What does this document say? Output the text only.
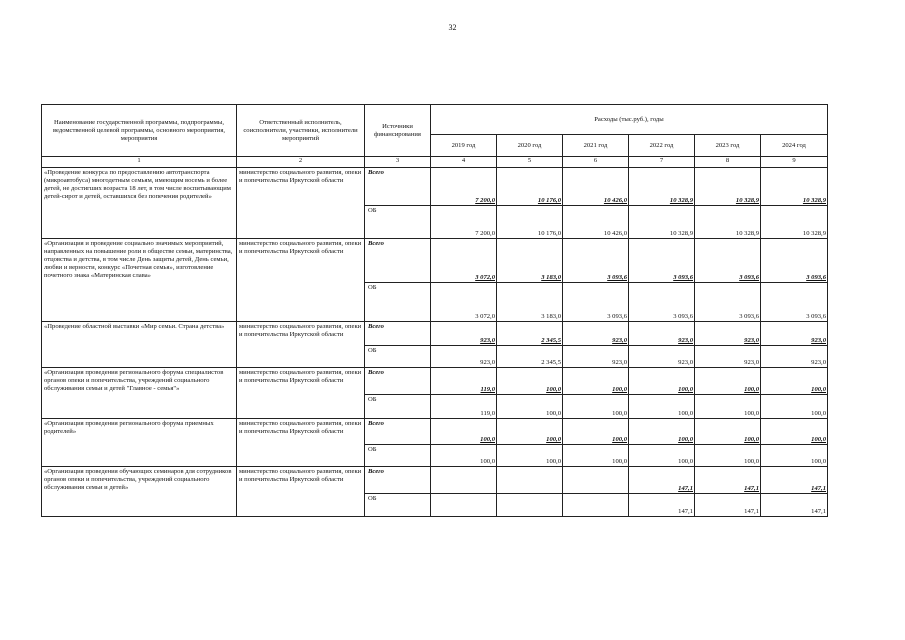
32
Наименование государственной программы, подпрограммы, ведомственной целевой программы, основного мероприятия, мероприятия	Ответственный исполнитель, соисполнители, участники, исполнители мероприятий	Источники финансирования	Расходы (тыс.руб.), годы					
			2019 год	2020 год	2021 год	2022 год	2023 год	2024 год
1	2	3	4	5	6	7	8	9
«Проведение конкурса по предоставлению автотранспорта (микроавтобуса) многодетным семьям, имеющим восемь и более детей, не достигших возраста 18 лет, в том числе воспитывающим детей-сирот и детей, оставшихся без попечения родителей»	министерство социального развития, опеки и попечительства Иркутской области	Всего	7 200,0	10 176,0	10 426,0	10 328,9	10 328,9	10 328,9
		ОБ	7 200,0	10 176,0	10 426,0	10 328,9	10 328,9	10 328,9
«Организация и проведение социально значимых мероприятий, направленных на повышение роли в обществе семьи, материнства, отцовства и детства, в том числе День защиты детей, День семьи, любви и верности, конкурс «Почетная семья», изготовление почетного знака «Материнская слава»	министерство социального развития, опеки и попечительства Иркутской области	Всего	3 072,0	3 183,0	3 093,6	3 093,6	3 093,6	3 093,6
		ОБ	3 072,0	3 183,0	3 093,6	3 093,6	3 093,6	3 093,6
«Проведение областной выставки «Мир семьи. Страна детства»	министерство социального развития, опеки и попечительства Иркутской области	Всего	923,0	2 345,5	923,0	923,0	923,0	923,0
		ОБ	923,0	2 345,5	923,0	923,0	923,0	923,0
«Организация проведения регионального форума специалистов органов опеки и попечительства, учреждений социального обслуживания семьи и детей "Главное - семья"»	министерство социального развития, опеки и попечительства Иркутской области	Всего	119,0	100,0	100,0	100,0	100,0	100,0
		ОБ	119,0	100,0	100,0	100,0	100,0	100,0
«Организация проведения регионального форума приемных родителей»	министерство социального развития, опеки и попечительства Иркутской области	Всего	100,0	100,0	100,0	100,0	100,0	100,0
		ОБ	100,0	100,0	100,0	100,0	100,0	100,0
«Организация проведения обучающих семинаров для сотрудников органов опеки и попечительства, учреждений социального обслуживания семьи и детей»	министерство социального развития, опеки и попечительства Иркутской области	Всего				147,1	147,1	147,1
		ОБ				147,1	147,1	147,1
